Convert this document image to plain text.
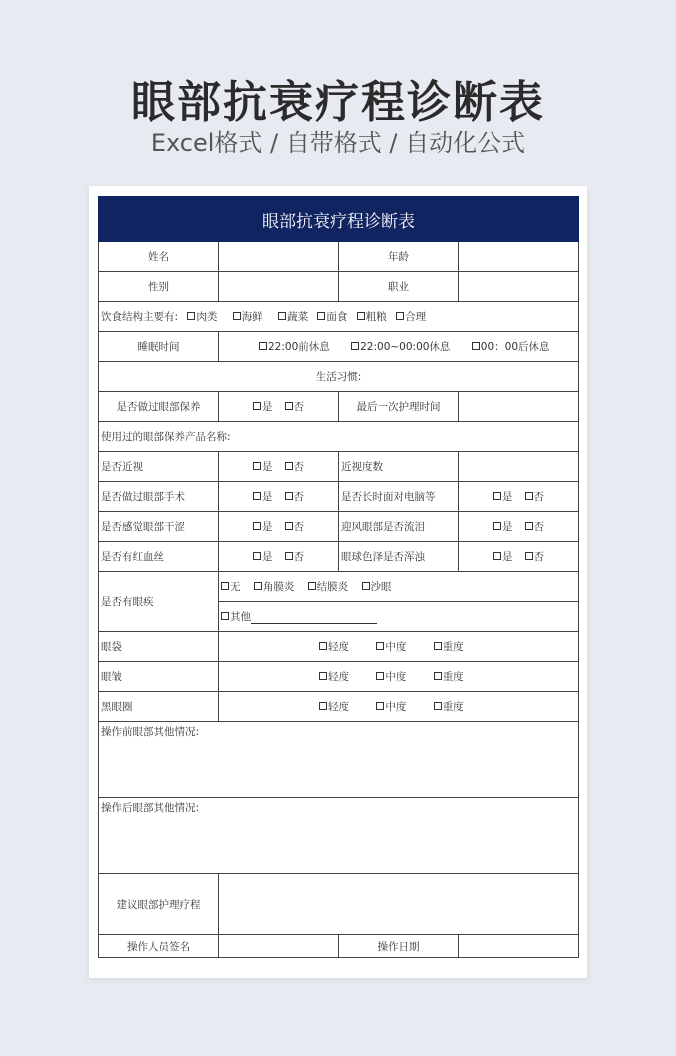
眼部抗衰疗程诊断表
Excel格式 / 自带格式 / 自动化公式
眼部抗衰疗程诊断表			
姓名		年龄	
性别		职业	
饮食结构主要有: 肉类 海鲜 蔬菜 面食 粗粮 合理			
睡眠时间	22:00前休息 22:00~00:00休息 00：00后休息		
生活习惯:			
是否做过眼部保养	是 否	最后一次护理时间	
使用过的眼部保养产品名称:			
是否近视	是 否	近视度数	
是否做过眼部手术	是 否	是否长时面对电脑等	是 否
是否感觉眼部干涩	是 否	迎风眼部是否流泪	是 否
是否有红血丝	是 否	眼球色泽是否浑浊	是 否
是否有眼疾	无 角膜炎 结膜炎 沙眼		
	其他		
眼袋	轻度 中度 重度		
眼皱	轻度 中度 重度		
黑眼圈	轻度 中度 重度		
操作前眼部其他情况:			
操作后眼部其他情况:			
建议眼部护理疗程			
操作人员签名		操作日期	
